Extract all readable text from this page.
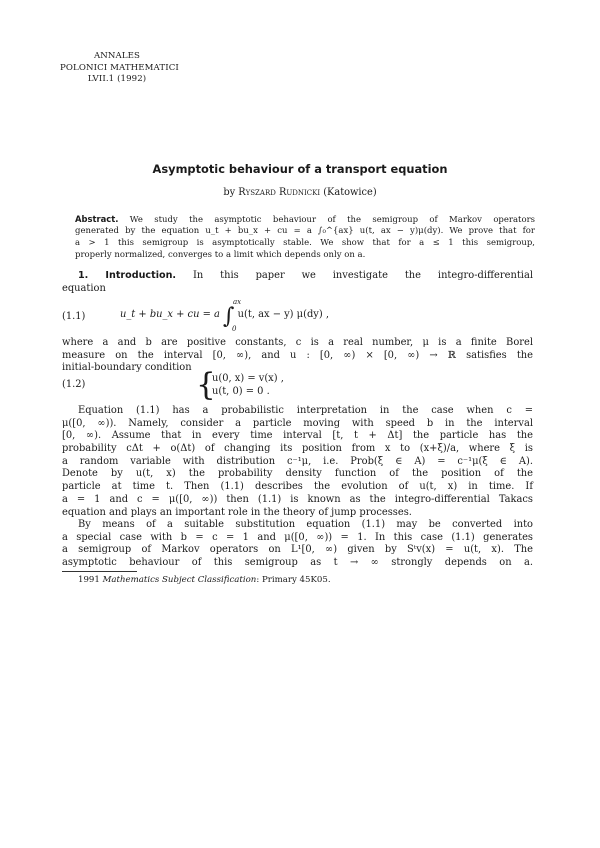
ANNALES
POLONICI MATHEMATICI
LVII.1 (1992)
Asymptotic behaviour of a transport equation
by Ryszard Rudnicki (Katowice)
Abstract. We study the asymptotic behaviour of the semigroup of Markov operators
generated by the equation u_t + bu_x + cu = a ∫₀^{ax} u(t, ax − y)μ(dy). We prove that for
a > 1 this semigroup is asymptotically stable. We show that for a ≤ 1 this semigroup,
properly normalized, converges to a limit which depends only on a.
1. Introduction. In this paper we investigate the integro-differential
equation
(1.1)	u_t + bu_x + cu = a ∫ u(t, ax − y) μ(dy) ,
ax
0
where a and b are positive constants, c is a real number, μ is a finite Borel
measure on the interval [0, ∞), and u : [0, ∞) × [0, ∞) → ℝ satisfies the
initial-boundary condition
(1.2)	{
u(0, x) = v(x) ,
u(t, 0) = 0 .
Equation (1.1) has a probabilistic interpretation in the case when c =
μ([0, ∞)). Namely, consider a particle moving with speed b in the interval
[0, ∞). Assume that in every time interval [t, t + Δt] the particle has the
probability cΔt + o(Δt) of changing its position from x to (x+ξ)/a, where ξ is
a random variable with distribution c⁻¹μ, i.e. Prob(ξ ∈ A) = c⁻¹μ(ξ ∈ A).
Denote by u(t, x) the probability density function of the position of the
particle at time t. Then (1.1) describes the evolution of u(t, x) in time. If
a = 1 and c = μ([0, ∞)) then (1.1) is known as the integro-differential Takacs
equation and plays an important role in the theory of jump processes.
By means of a suitable substitution equation (1.1) may be converted into
a special case with b = c = 1 and μ([0, ∞)) = 1. In this case (1.1) generates
a semigroup of Markov operators on L¹[0, ∞) given by Sᵗv(x) = u(t, x). The
asymptotic behaviour of this semigroup as t → ∞ strongly depends on a.
1991 Mathematics Subject Classification: Primary 45K05.
